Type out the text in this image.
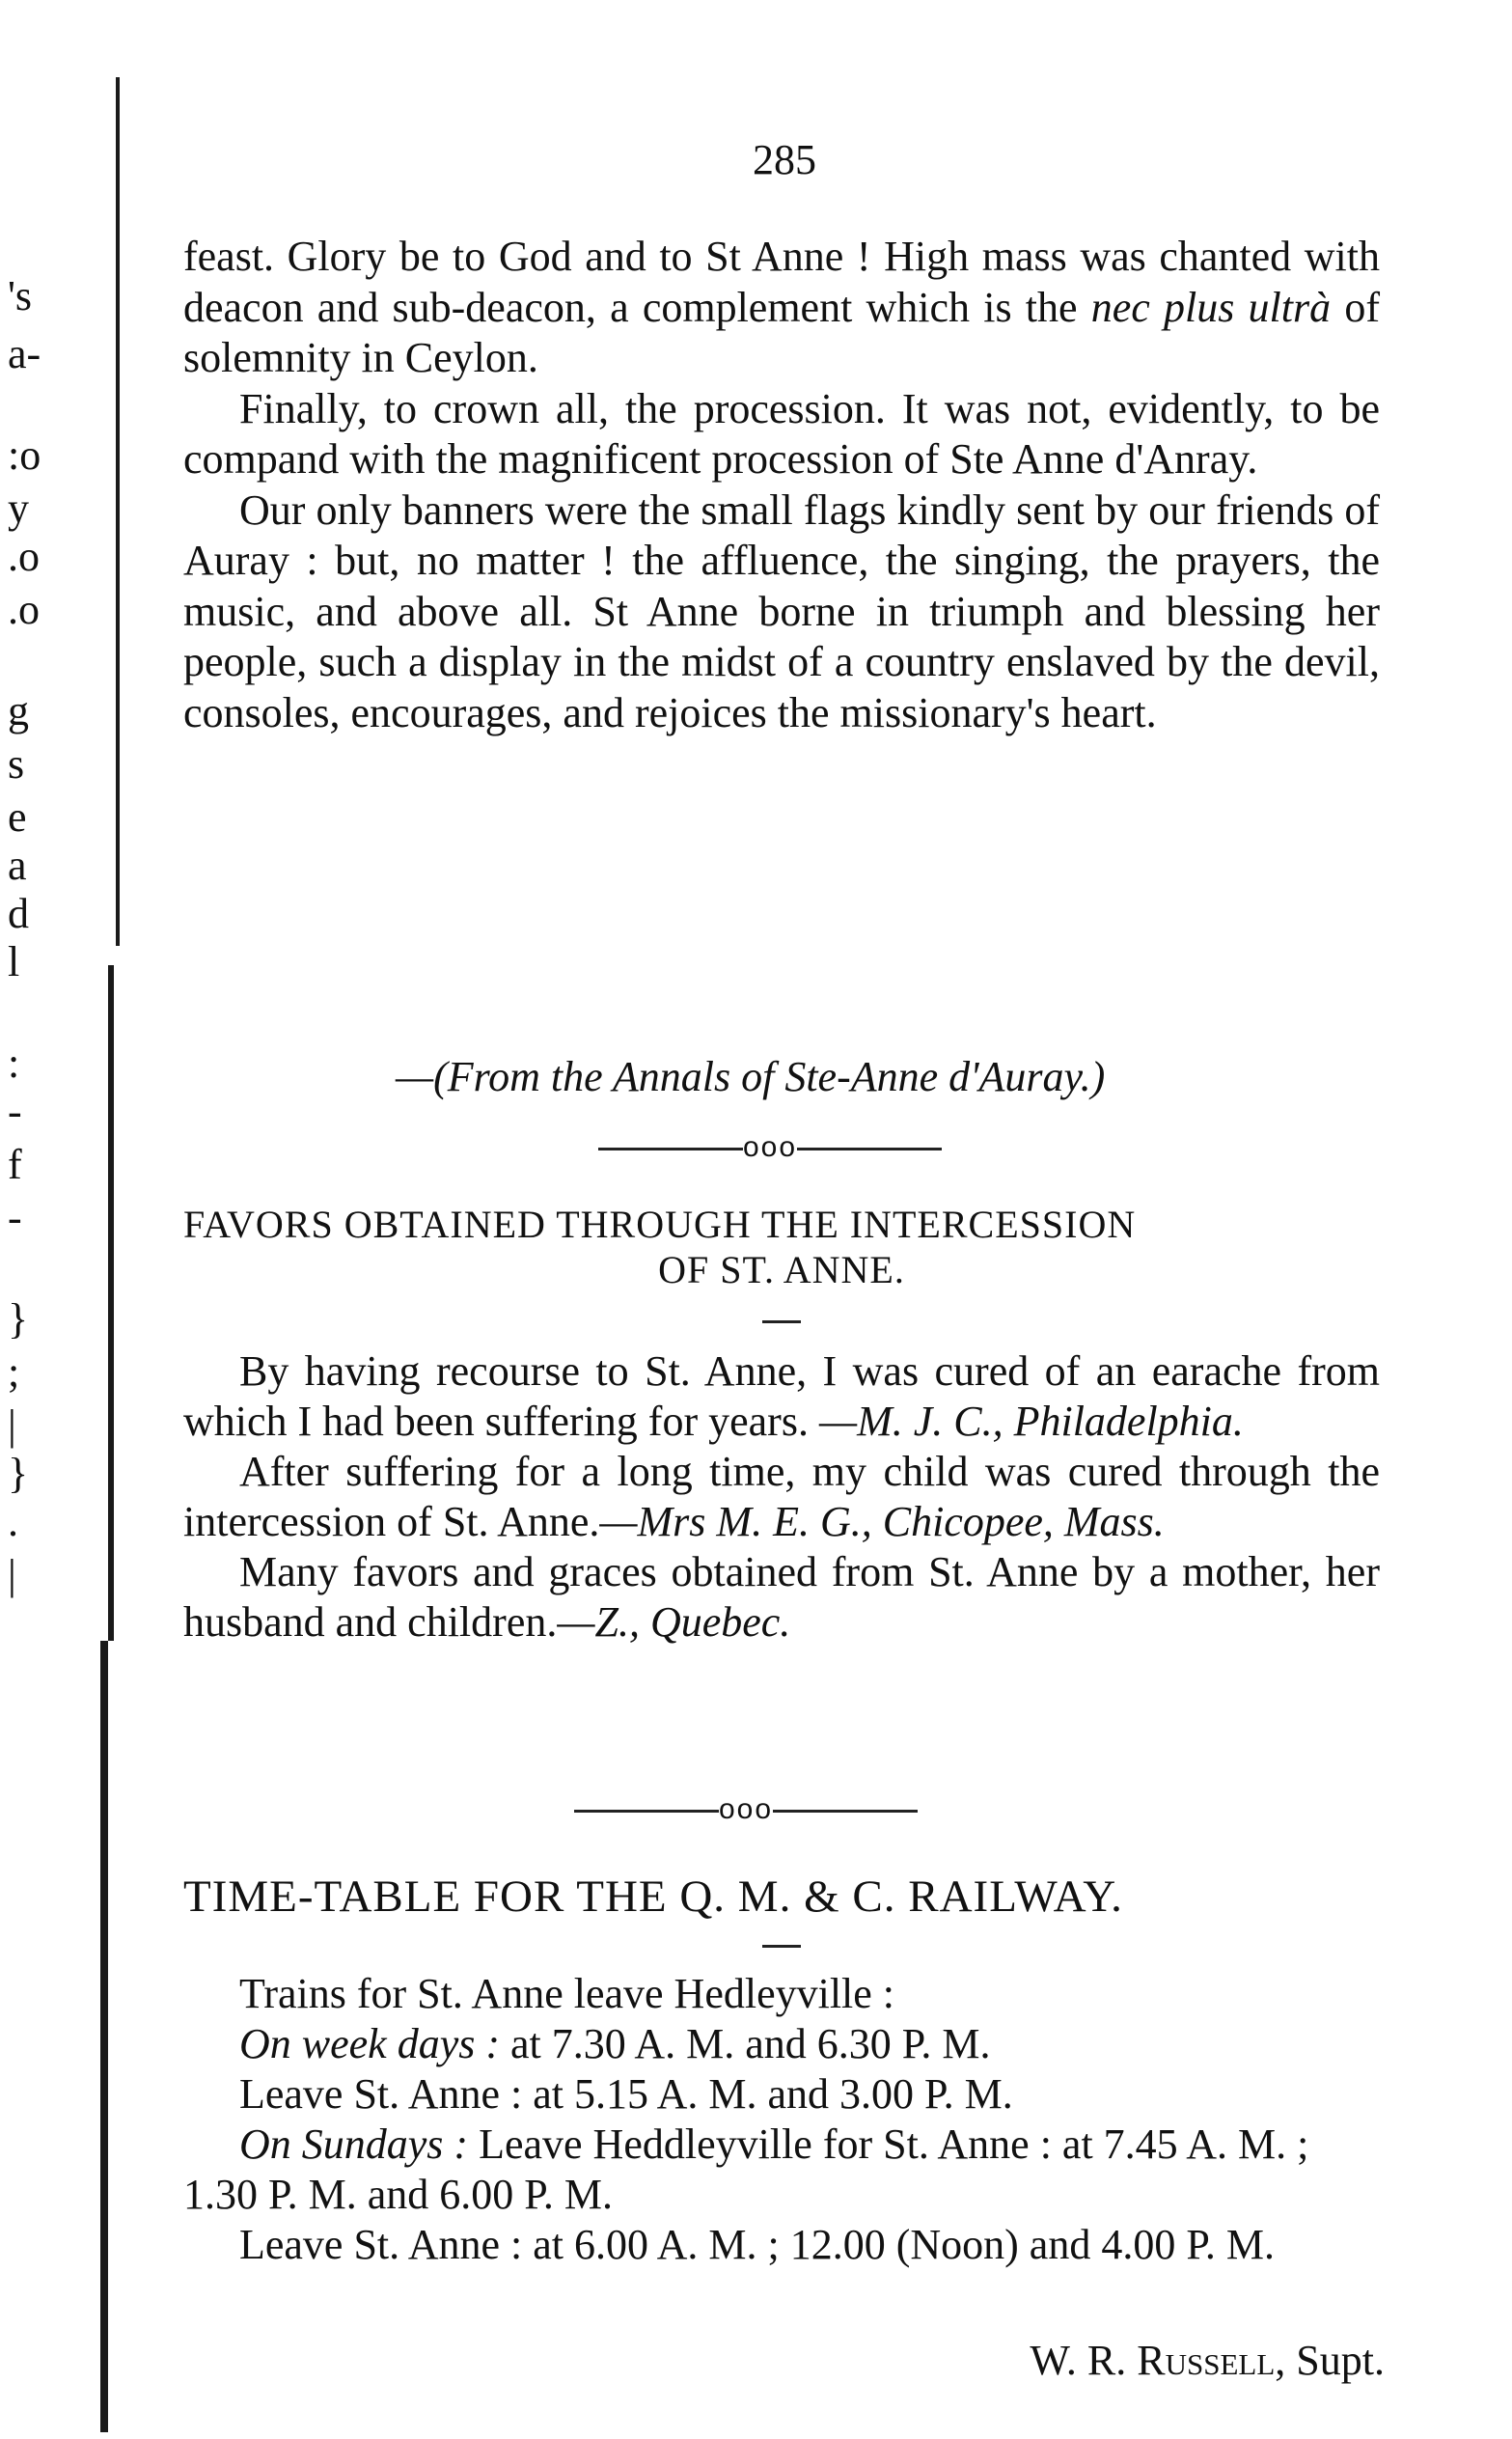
's
a-
:o
y
.o
.o
g
s
e
a
d
l
:
-
f
-
}
;
|
}
.
|
285

feast. Glory be to God and to St Anne ! High mass was chanted with deacon and sub-deacon, a complement which is the nec plus ultrà of solemnity in Ceylon.

Finally, to crown all, the procession. It was not, evidently, to be compand with the magnificent procession of Ste Anne d'Anray.

Our only banners were the small flags kindly sent by our friends of Auray : but, no matter ! the affluence, the singing, the prayers, the music, and above all. St Anne borne in triumph and blessing her people, such a display in the midst of a country enslaved by the devil, consoles, encourages, and rejoices the missionary's heart.

—(From the Annals of Ste-Anne d'Auray.)
ooo
FAVORS OBTAINED THROUGH THE INTERCESSION
OF ST. ANNE.

By having recourse to St. Anne, I was cured of an earache from which I had been suffering for years. —M. J. C., Philadelphia.

After suffering for a long time, my child was cured through the intercession of St. Anne.—Mrs M. E. G., Chicopee, Mass.

Many favors and graces obtained from St. Anne by a mother, her husband and children.—Z., Quebec.

ooo
TIME-TABLE FOR THE Q. M. & C. RAILWAY.

Trains for St. Anne leave Hedleyville :

On week days : at 7.30 A. M. and 6.30 P. M.

Leave St. Anne : at 5.15 A. M. and 3.00 P. M.

On Sundays : Leave Heddleyville for St. Anne : at 7.45 A. M. ; 1.30 P. M. and 6.00 P. M.

Leave St. Anne : at 6.00 A. M. ; 12.00 (Noon) and 4.00 P. M.

W. R. Russell, Supt.
